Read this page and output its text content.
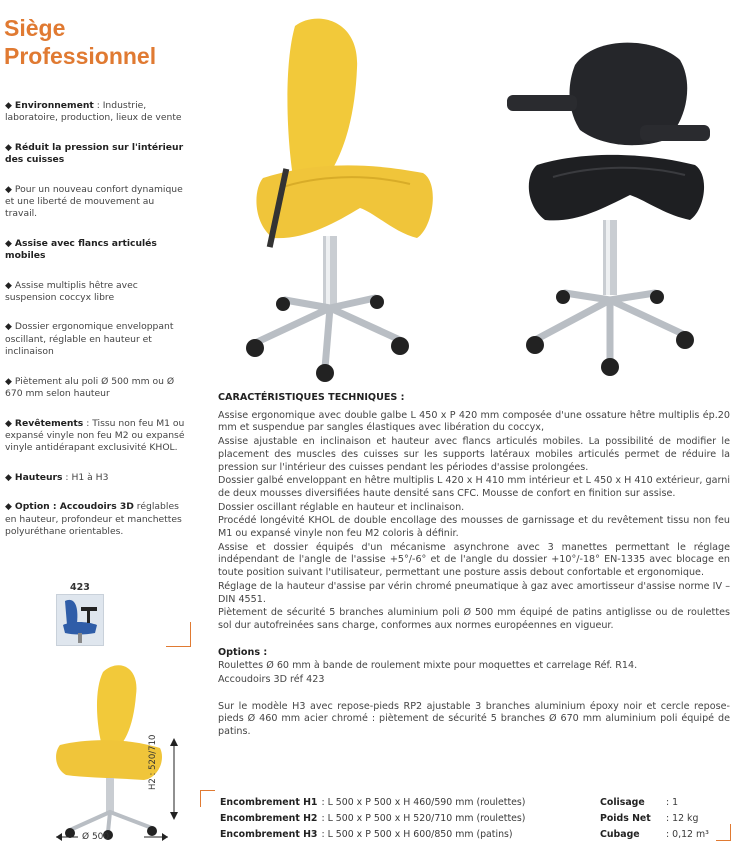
Siège
Professionnel
◆ Environnement : Industrie, laboratoire, production, lieux de vente
◆ Réduit la pression sur l'intérieur des cuisses
◆ Pour un nouveau confort dynamique et une liberté de mouvement au travail.
◆ Assise avec flancs articulés mobiles
◆ Assise multiplis hêtre avec suspension coccyx libre
◆ Dossier ergonomique enveloppant oscillant, réglable en hauteur et inclinaison
◆ Piètement alu poli Ø 500 mm ou Ø 670 mm selon hauteur
◆ Revêtements : Tissu non feu M1 ou expansé vinyle non feu M2 ou expansé vinyle antidérapant exclusivité KHOL.
◆ Hauteurs : H1 à H3
◆ Option : Accoudoirs 3D réglables en hauteur, profondeur et manchettes polyuréthane orientables.
423
Ø 500
H2 : 520/710

CARACTÉRISTIQUES TECHNIQUES :

Assise ergonomique avec double galbe L 450 x P 420 mm composée d'une ossature hêtre multiplis ép.20 mm et suspendue par sangles élastiques avec libération du coccyx,

Assise ajustable en inclinaison et hauteur avec flancs articulés mobiles. La possibilité de modifier le placement des muscles des cuisses sur les supports latéraux mobiles articulés permet de réduire la pression sur l'intérieur des cuisses pendant les périodes d'assise prolongées.

Dossier galbé enveloppant en hêtre multiplis L 420 x H 410 mm intérieur et L 450 x H 410 extérieur, garni de deux mousses diversifiées haute densité sans CFC. Mousse de confort en finition sur assise.

Dossier oscillant réglable en hauteur et inclinaison.

Procédé longévité KHOL de double encollage des mousses de garnissage et du revêtement tissu non feu M1 ou expansé vinyle non feu M2 coloris à définir.

Assise et dossier équipés d'un mécanisme asynchrone avec 3 manettes permettant le réglage indépendant de l'angle de l'assise +5°/-6° et de l'angle du dossier +10°/-18° EN-1335 avec blocage en toute position suivant l'utilisateur, permettant une posture assis debout confortable et ergonomique.

Réglage de la hauteur d'assise par vérin chromé pneumatique à gaz avec amortisseur d'assise norme IV –DIN 4551.

Piètement de sécurité 5 branches aluminium poli Ø 500 mm équipé de patins antiglisse ou de roulettes sol dur autofreinées sans charge, conformes aux normes européennes en vigueur.

Options :

Roulettes Ø 60 mm à bande de roulement mixte pour moquettes et carrelage Réf. R14.

Accoudoirs 3D réf 423

Sur le modèle H3 avec repose-pieds RP2 ajustable 3 branches aluminium époxy noir et cercle repose-pieds Ø 460 mm acier chromé : piètement de sécurité 5 branches Ø 670 mm aluminium poli équipé de patins.

Encombrement H1	: L 500 x P 500 x H 460/590 mm (roulettes)
Encombrement H2	: L 500 x P 500 x H 520/710 mm (roulettes)
Encombrement H3	: L 500 x P 500 x H 600/850 mm (patins)
Colisage	: 1
Poids Net	: 12 kg
Cubage	: 0,12 m³
